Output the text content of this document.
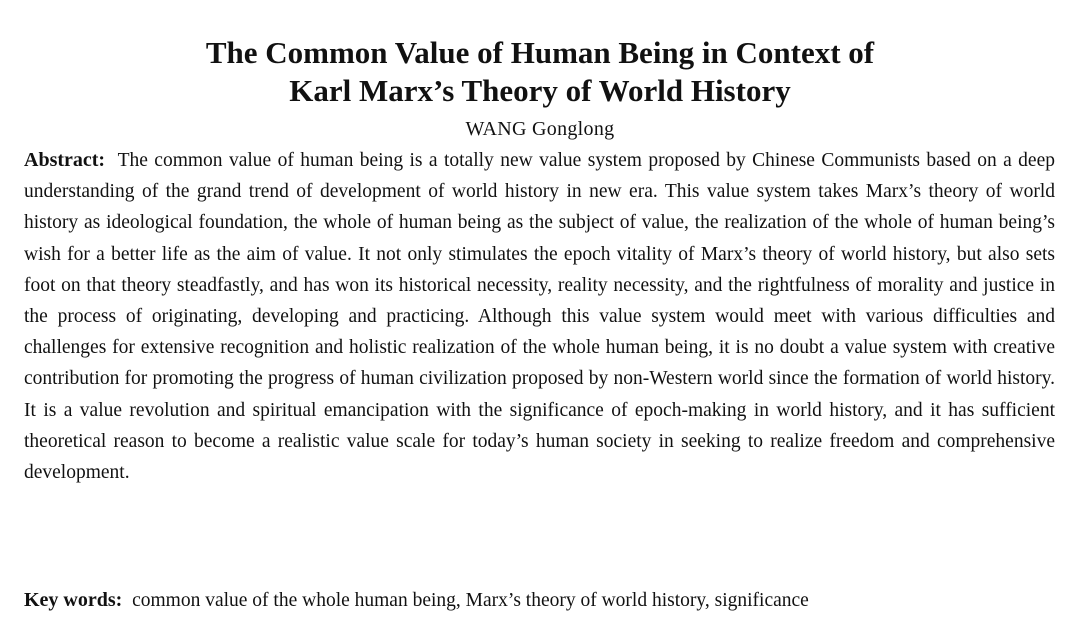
The Common Value of Human Being in Context of
Karl Marx’s Theory of World History
WANG Gonglong

Abstract: The common value of human being is a totally new value system proposed by Chinese Communists based on a deep understanding of the grand trend of development of world history in new era. This value system takes Marx’s theory of world history as ideological foundation, the whole of human being as the subject of value, the realization of the whole of human being’s wish for a better life as the aim of value. It not only stimulates the epoch vitality of Marx’s theory of world history, but also sets foot on that theory steadfastly, and has won its historical necessity, reality necessity, and the rightfulness of morality and justice in the process of originating, developing and practicing. Although this value system would meet with various difficulties and challenges for extensive recognition and holistic realization of the whole human being, it is no doubt a value system with creative contribution for promoting the progress of human civilization proposed by non-Western world since the formation of world history. It is a value revolution and spiritual emancipation with the significance of epoch-making in world history, and it has sufficient theoretical reason to become a realistic value scale for today’s human society in seeking to realize freedom and comprehensive development.

Key words: common value of the whole human being, Marx’s theory of world history, significance
